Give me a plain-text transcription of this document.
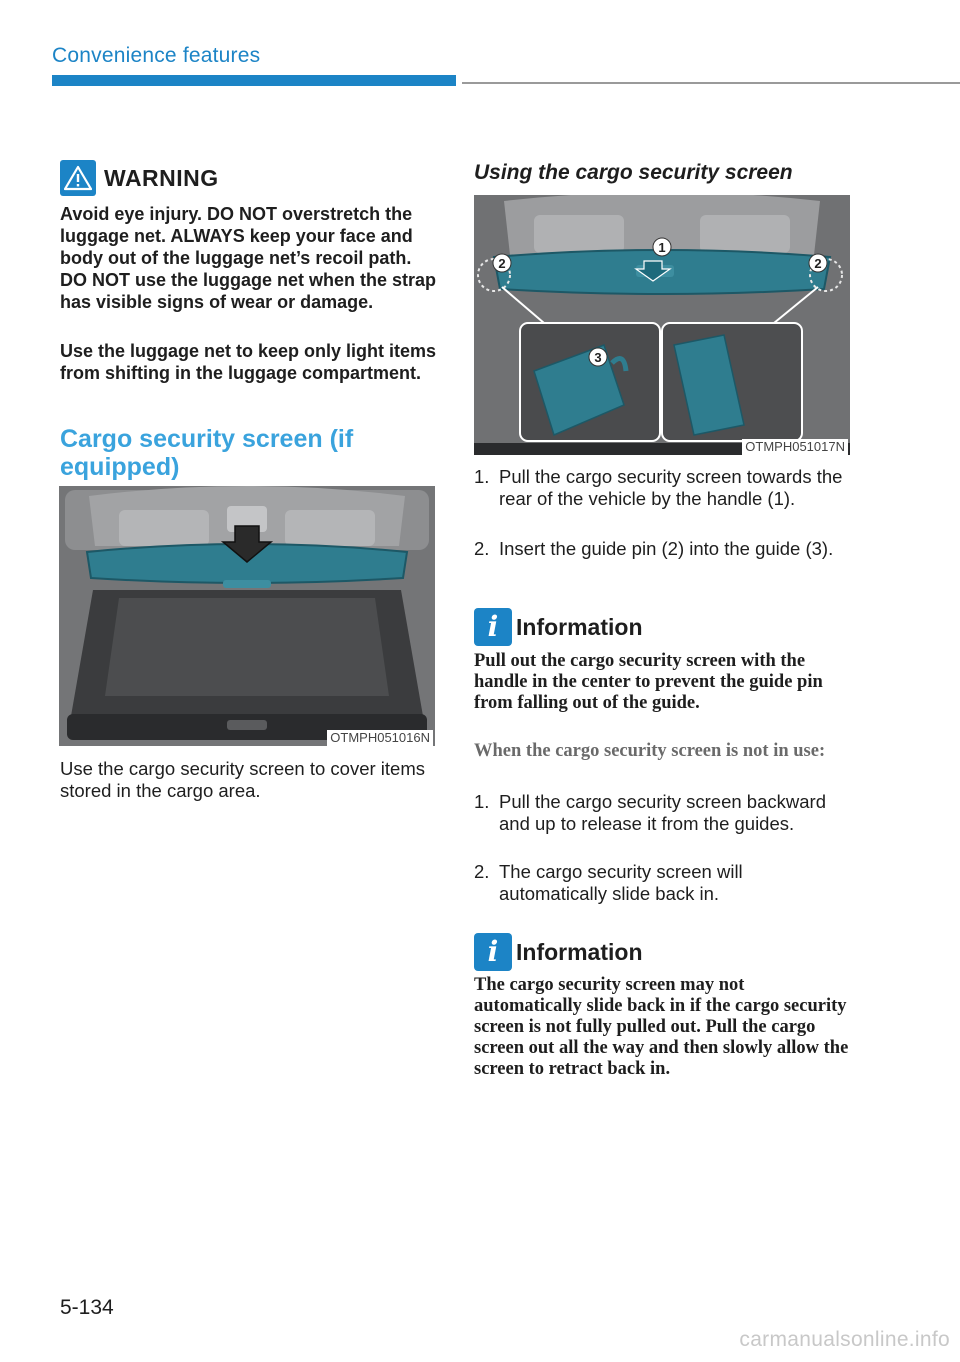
Convenience features
WARNING

Avoid eye injury. DO NOT overstretch the luggage net. ALWAYS keep your face and body out of the luggage net’s recoil path. DO NOT use the luggage net when the strap has visible signs of wear or damage.

Use the luggage net to keep only light items from shifting in the luggage compartment.

Cargo security screen (if equipped)
OTMPH051016N

Use the cargo security screen to cover items stored in the cargo area.

Using the cargo security screen
1
2	2
3
OTMPH051017N
1. Pull the cargo security screen towards the rear of the vehicle by the handle (1).
2. Insert the guide pin (2) into the guide (3).
i Information

Pull out the cargo security screen with the handle in the center to prevent the guide pin from falling out of the guide.

When the cargo security screen is not in use:
1. Pull the cargo security screen backward and up to release it from the guides.
2. The cargo security screen will automatically slide back in.
i Information

The cargo security screen may not automatically slide back in if the cargo security screen is not fully pulled out. Pull the cargo screen out all the way and then slowly allow the screen to retract back in.

5-134
carmanualsonline.info
